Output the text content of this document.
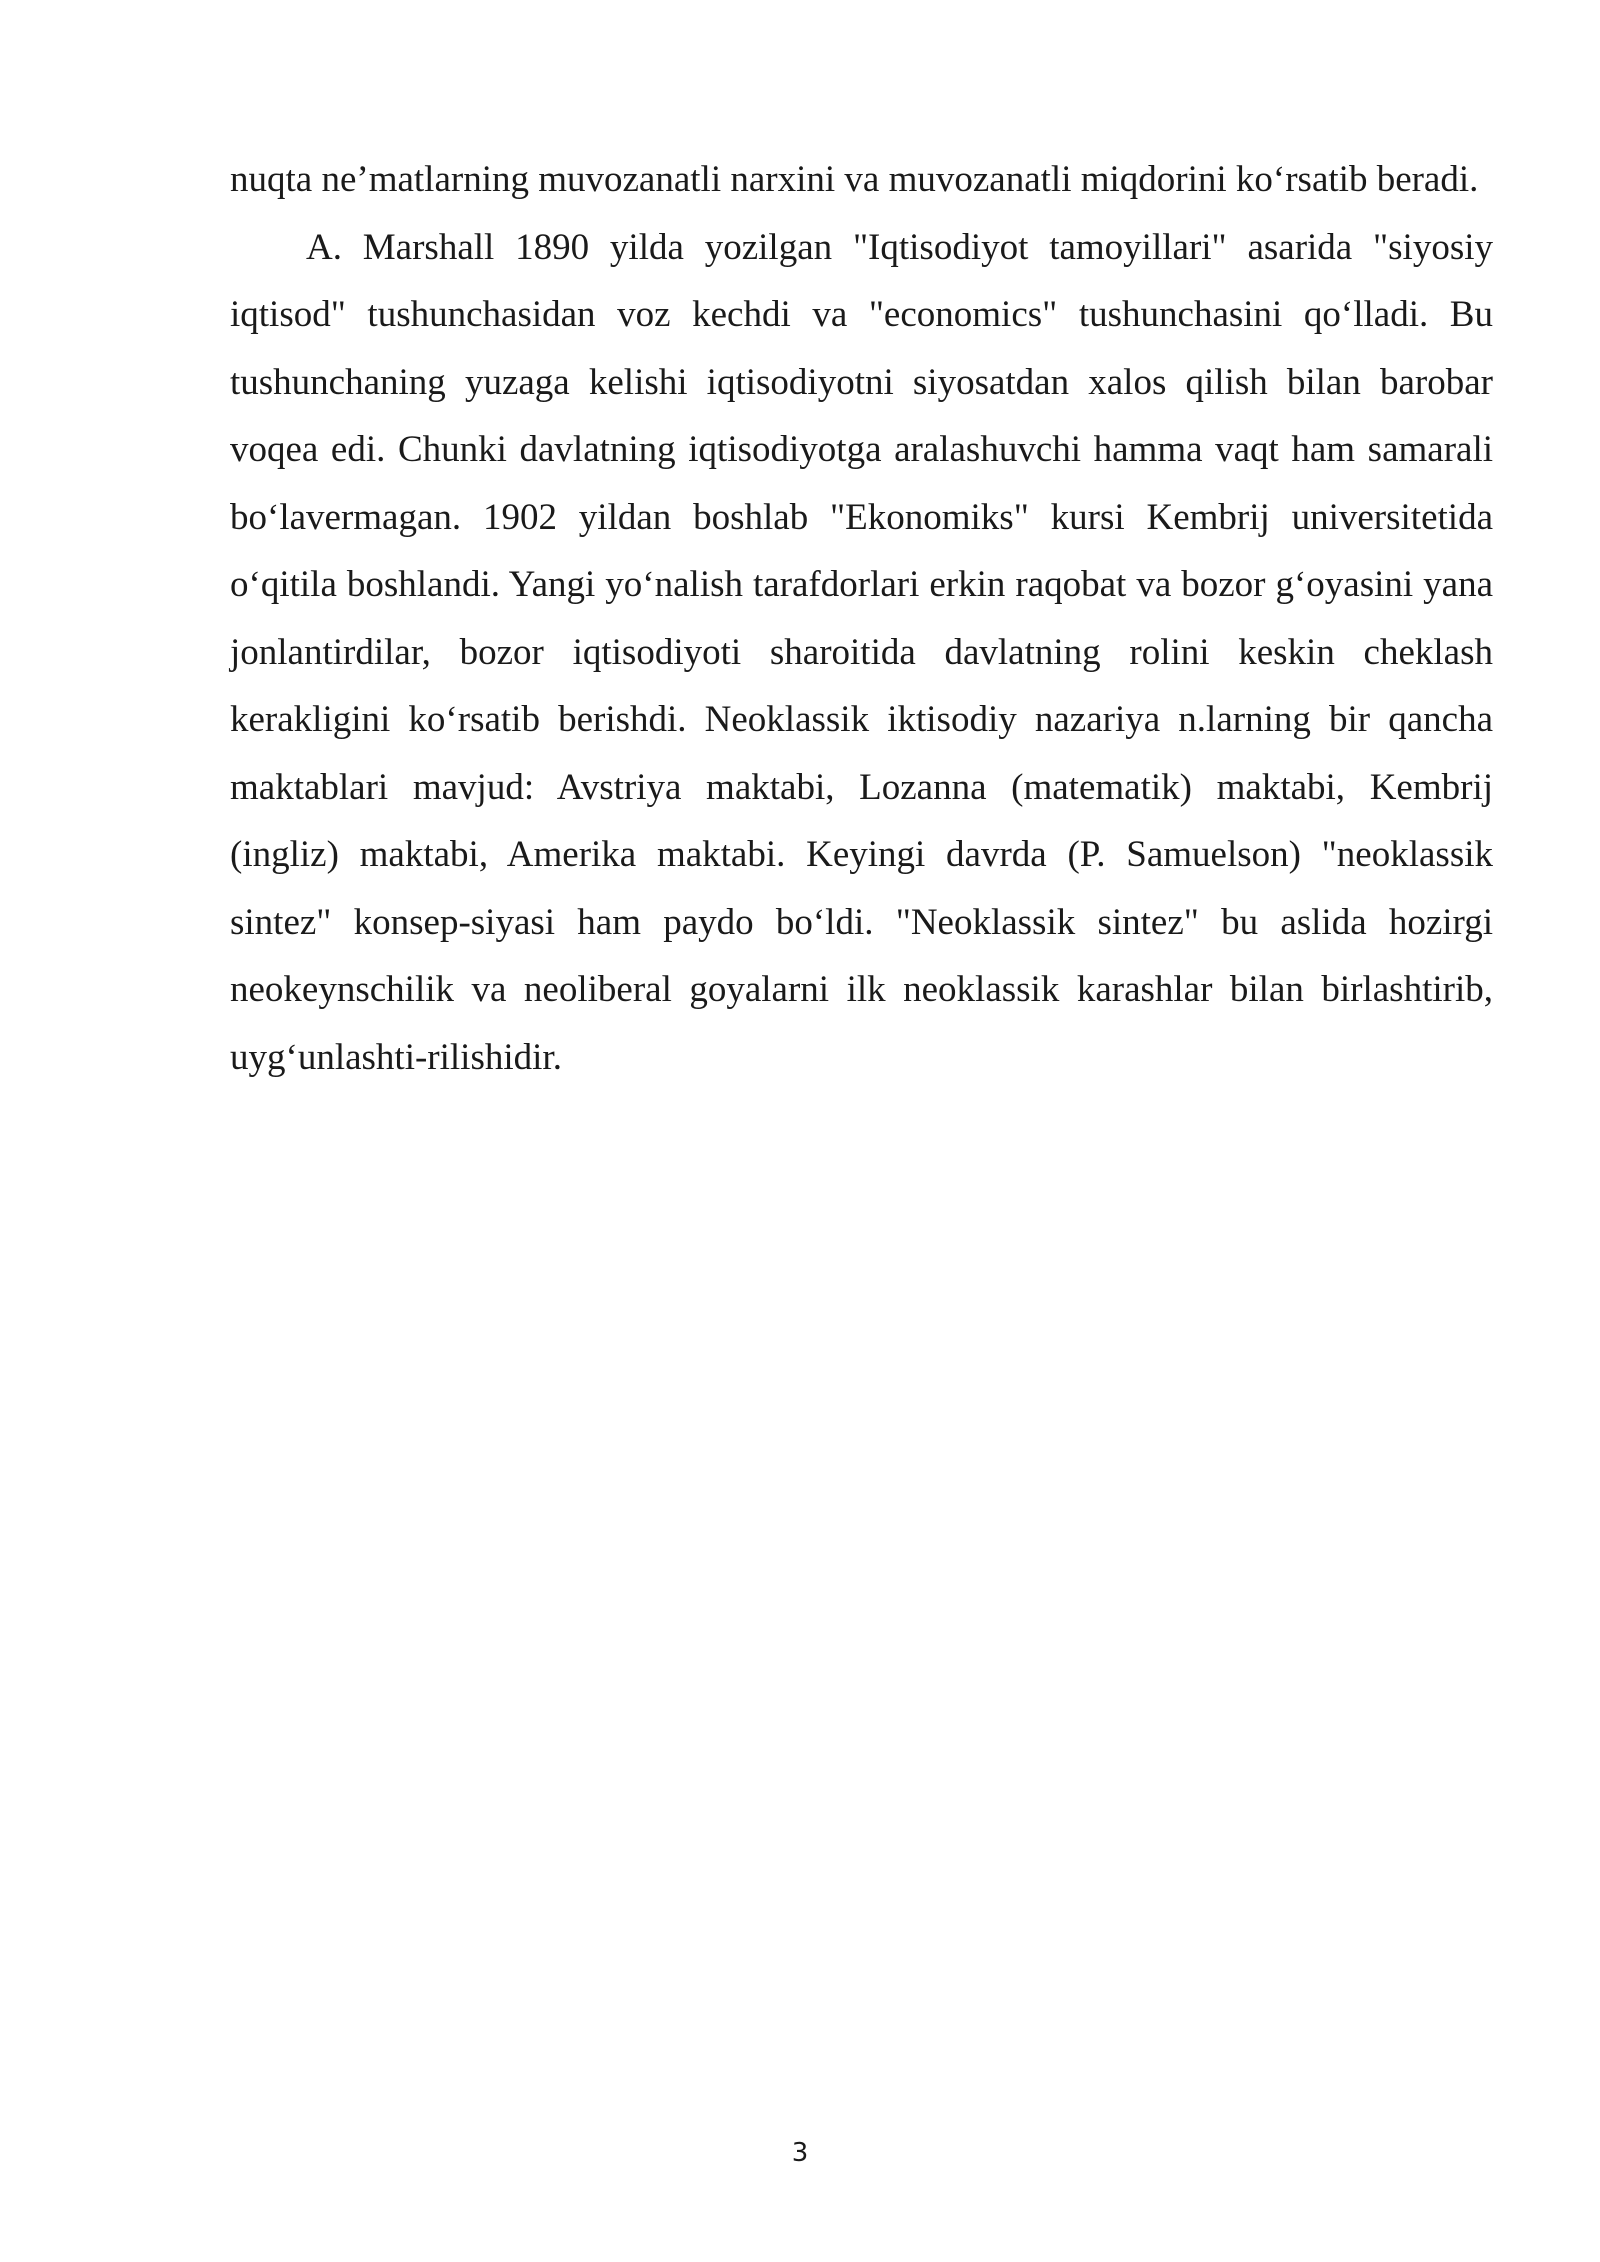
nuqta ne’matlarning muvozanatli narxini va muvozanatli miqdorini ko‘rsatib beradi.

A. Marshall 1890 yilda yozilgan "Iqtisodiyot tamoyillari" asarida "siyosiy iqtisod" tushunchasidan voz kechdi va "economics" tushunchasini qo‘lladi. Bu tushunchaning yuzaga kelishi iqtisodiyotni siyosatdan xalos qilish bilan barobar voqea edi. Chunki davlatning iqtisodiyotga aralashuvchi hamma vaqt ham samarali bo‘lavermagan. 1902 yildan boshlab "Ekonomiks" kursi Kembrij universitetida o‘qitila boshlandi. Yangi yo‘nalish tarafdorlari erkin raqobat va bozor g‘oyasini yana jonlantirdilar, bozor iqtisodiyoti sharoitida davlatning rolini keskin cheklash kerakligini ko‘rsatib berishdi. Neoklassik iktisodiy nazariya n.larning bir qancha maktablari mavjud: Avstriya maktabi, Lozanna (matematik) maktabi, Kembrij (ingliz) maktabi, Amerika maktabi. Keyingi davrda (P. Samuelson) "neoklassik sintez" konsep-siyasi ham paydo bo‘ldi. "Neoklassik sintez" bu aslida hozirgi neokeynschilik va neoliberal goyalarni ilk neoklassik karashlar bilan birlashtirib, uyg‘unlashti-rilishidir.

3
